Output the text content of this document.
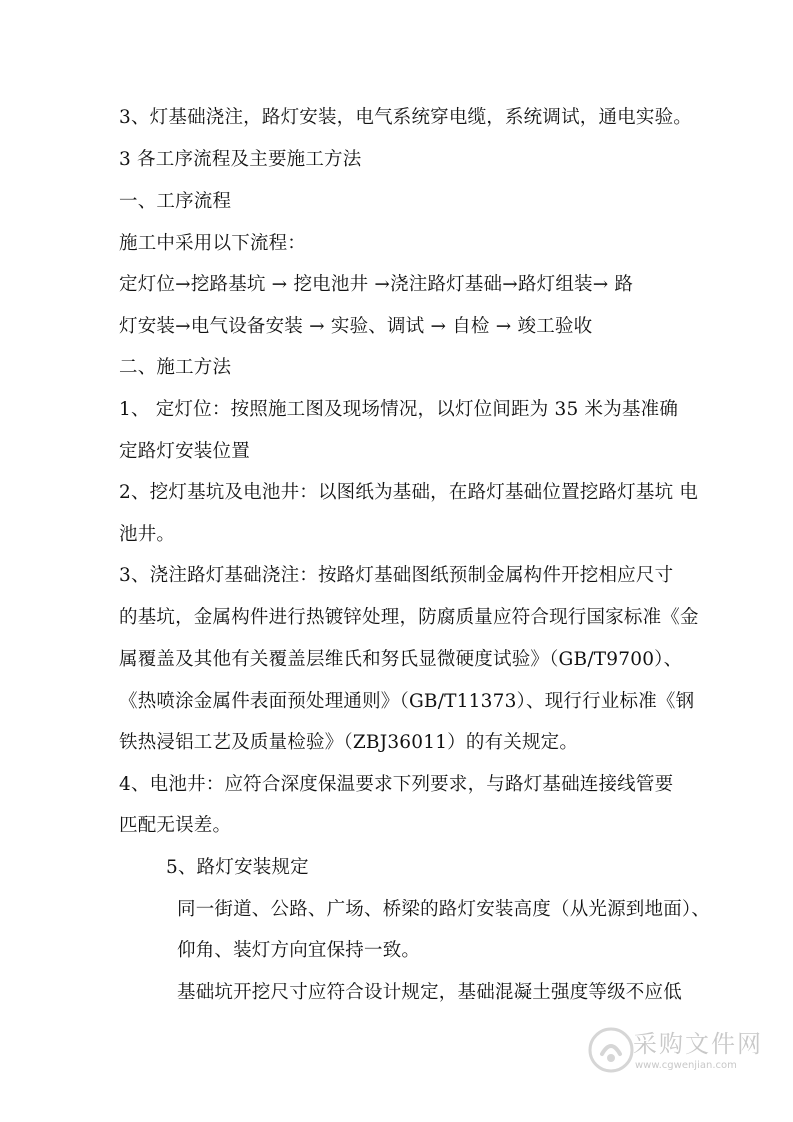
3、灯基础浇注，路灯安装，电气系统穿电缆，系统调试，通电实验。
3 各工序流程及主要施工方法
一、工序流程
施工中采用以下流程：
定灯位→挖路基坑 → 挖电池井 →浇注路灯基础→路灯组装→ 路
灯安装→电气设备安装 → 实验、调试 → 自检 → 竣工验收
二、施工方法
1、 定灯位：按照施工图及现场情况，以灯位间距为 35 米为基准确
定路灯安装位置
2、挖灯基坑及电池井：以图纸为基础，在路灯基础位置挖路灯基坑 电
池井。
3、浇注路灯基础浇注：按路灯基础图纸预制金属构件开挖相应尺寸
的基坑，金属构件进行热镀锌处理，防腐质量应符合现行国家标准《金
属覆盖及其他有关覆盖层维氏和努氏显微硬度试验》（GB/T9700）、
《热喷涂金属件表面预处理通则》（GB/T11373）、现行行业标准《钢
铁热浸铝工艺及质量检验》（ZBJ36011）的有关规定。
4、电池井：应符合深度保温要求下列要求，与路灯基础连接线管要
匹配无误差。
5、路灯安装规定
同一街道、公路、广场、桥梁的路灯安装高度（从光源到地面）、
仰角、装灯方向宜保持一致。
基础坑开挖尺寸应符合设计规定，基础混凝土强度等级不应低
采购文件网
www.cgwenjian.com
